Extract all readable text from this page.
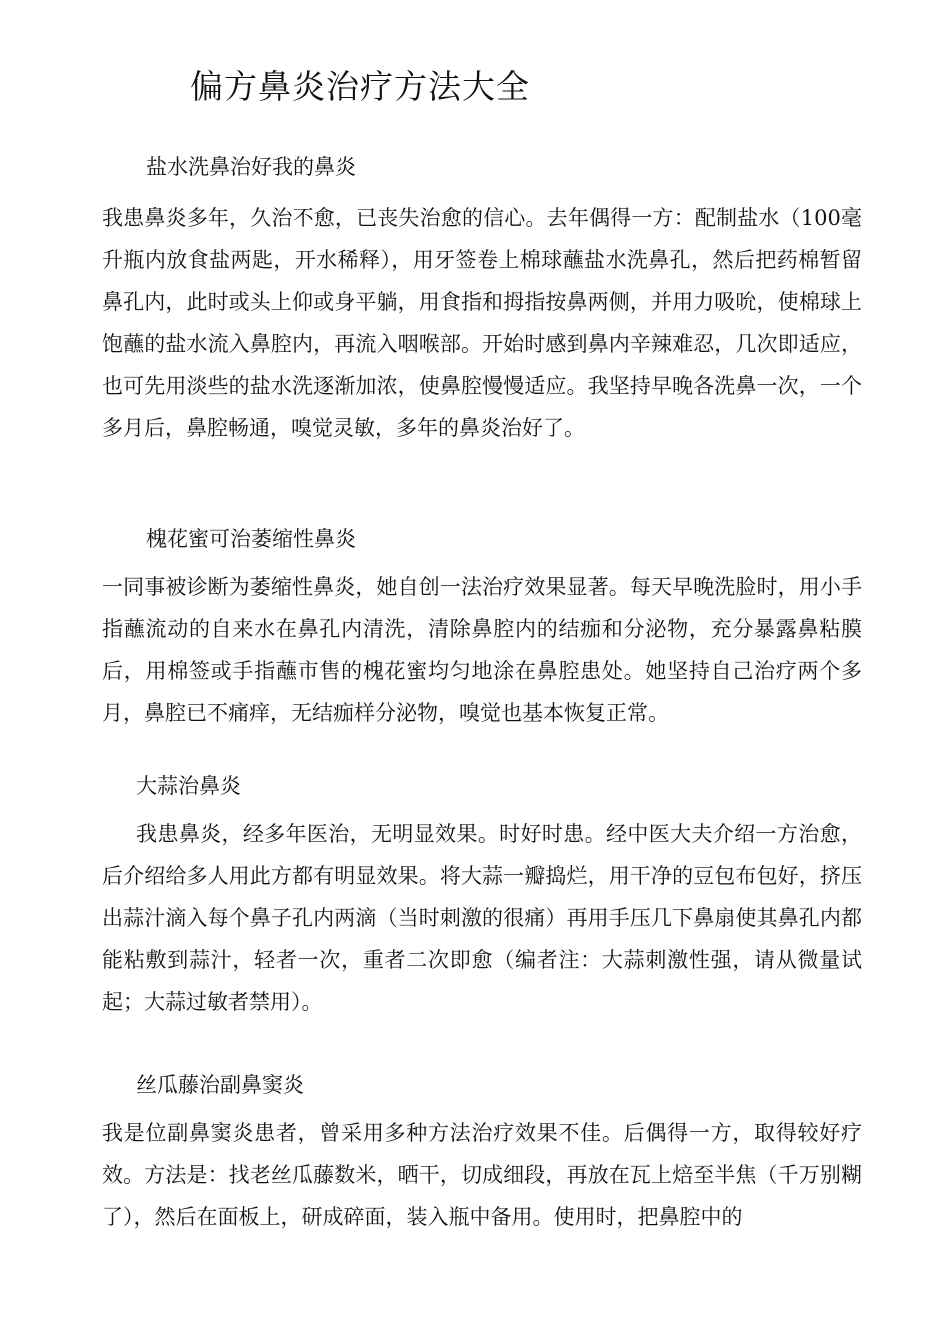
偏方鼻炎治疗方法大全
盐水洗鼻治好我的鼻炎

我患鼻炎多年，久治不愈，已丧失治愈的信心。去年偶得一方：配制盐水（100毫升瓶内放食盐两匙，开水稀释），用牙签卷上棉球蘸盐水洗鼻孔，然后把药棉暂留鼻孔内，此时或头上仰或身平躺，用食指和拇指按鼻两侧，并用力吸吮，使棉球上饱蘸的盐水流入鼻腔内，再流入咽喉部。开始时感到鼻内辛辣难忍，几次即适应，也可先用淡些的盐水洗逐渐加浓，使鼻腔慢慢适应。我坚持早晚各洗鼻一次，一个多月后，鼻腔畅通，嗅觉灵敏，多年的鼻炎治好了。

槐花蜜可治萎缩性鼻炎

一同事被诊断为萎缩性鼻炎，她自创一法治疗效果显著。每天早晚洗脸时，用小手指蘸流动的自来水在鼻孔内清洗，清除鼻腔内的结痂和分泌物，充分暴露鼻粘膜后，用棉签或手指蘸市售的槐花蜜均匀地涂在鼻腔患处。她坚持自己治疗两个多月，鼻腔已不痛痒，无结痂样分泌物，嗅觉也基本恢复正常。

大蒜治鼻炎

我患鼻炎，经多年医治，无明显效果。时好时患。经中医大夫介绍一方治愈，后介绍给多人用此方都有明显效果。将大蒜一瓣捣烂，用干净的豆包布包好，挤压出蒜汁滴入每个鼻子孔内两滴（当时刺激的很痛）再用手压几下鼻扇使其鼻孔内都能粘敷到蒜汁，轻者一次，重者二次即愈（编者注：大蒜刺激性强，请从微量试起；大蒜过敏者禁用）。

丝瓜藤治副鼻窦炎

我是位副鼻窦炎患者，曾采用多种方法治疗效果不佳。后偶得一方，取得较好疗效。方法是：找老丝瓜藤数米，晒干，切成细段，再放在瓦上焙至半焦（千万别糊了），然后在面板上，研成碎面，装入瓶中备用。使用时，把鼻腔中的
